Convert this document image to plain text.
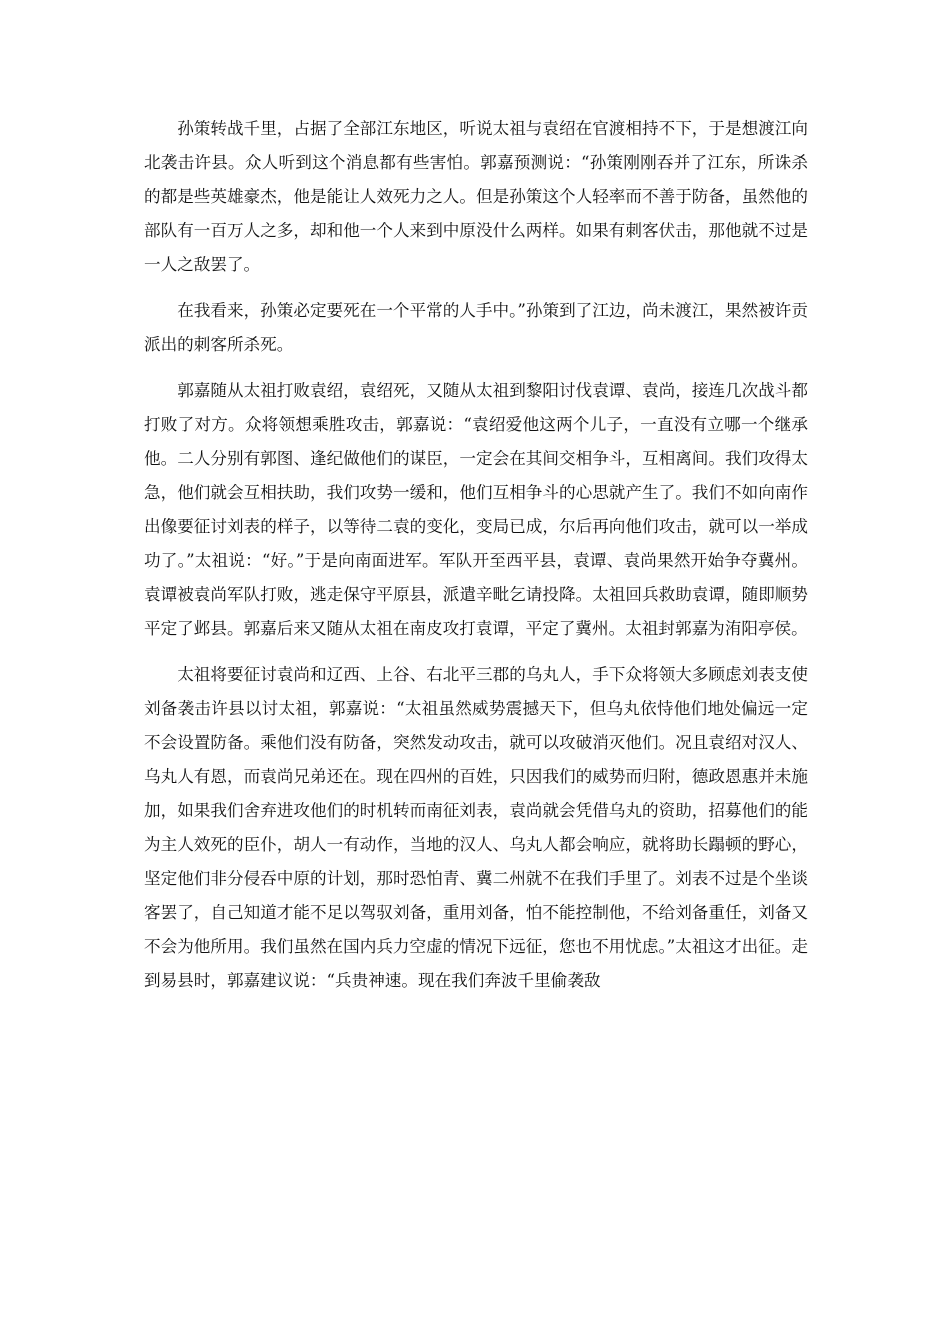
孙策转战千里，占据了全部江东地区，听说太祖与袁绍在官渡相持不下，于是想渡江向北袭击许县。众人听到这个消息都有些害怕。郭嘉预测说：“孙策刚刚吞并了江东，所诛杀的都是些英雄豪杰，他是能让人效死力之人。但是孙策这个人轻率而不善于防备，虽然他的部队有一百万人之多，却和他一个人来到中原没什么两样。如果有刺客伏击，那他就不过是一人之敌罢了。

在我看来，孙策必定要死在一个平常的人手中。”孙策到了江边，尚未渡江，果然被许贡派出的刺客所杀死。

郭嘉随从太祖打败袁绍，袁绍死，又随从太祖到黎阳讨伐袁谭、袁尚，接连几次战斗都打败了对方。众将领想乘胜攻击，郭嘉说：“袁绍爱他这两个儿子，一直没有立哪一个继承他。二人分别有郭图、逢纪做他们的谋臣，一定会在其间交相争斗，互相离间。我们攻得太急，他们就会互相扶助，我们攻势一缓和，他们互相争斗的心思就产生了。我们不如向南作出像要征讨刘表的样子，以等待二袁的变化，变局已成，尔后再向他们攻击，就可以一举成功了。”太祖说：“好。”于是向南面进军。军队开至西平县，袁谭、袁尚果然开始争夺冀州。袁谭被袁尚军队打败，逃走保守平原县，派遣辛毗乞请投降。太祖回兵救助袁谭，随即顺势平定了邺县。郭嘉后来又随从太祖在南皮攻打袁谭，平定了冀州。太祖封郭嘉为洧阳亭侯。

太祖将要征讨袁尚和辽西、上谷、右北平三郡的乌丸人，手下众将领大多顾虑刘表支使刘备袭击许县以讨太祖，郭嘉说：“太祖虽然威势震撼天下，但乌丸依恃他们地处偏远一定不会设置防备。乘他们没有防备，突然发动攻击，就可以攻破消灭他们。况且袁绍对汉人、乌丸人有恩，而袁尚兄弟还在。现在四州的百姓，只因我们的威势而归附，德政恩惠并未施加，如果我们舍弃进攻他们的时机转而南征刘表，袁尚就会凭借乌丸的资助，招募他们的能为主人效死的臣仆，胡人一有动作，当地的汉人、乌丸人都会响应，就将助长蹋顿的野心，坚定他们非分侵吞中原的计划，那时恐怕青、冀二州就不在我们手里了。刘表不过是个坐谈客罢了，自己知道才能不足以驾驭刘备，重用刘备，怕不能控制他，不给刘备重任，刘备又不会为他所用。我们虽然在国内兵力空虚的情况下远征，您也不用忧虑。”太祖这才出征。走到易县时，郭嘉建议说：“兵贵神速。现在我们奔波千里偷袭敌
